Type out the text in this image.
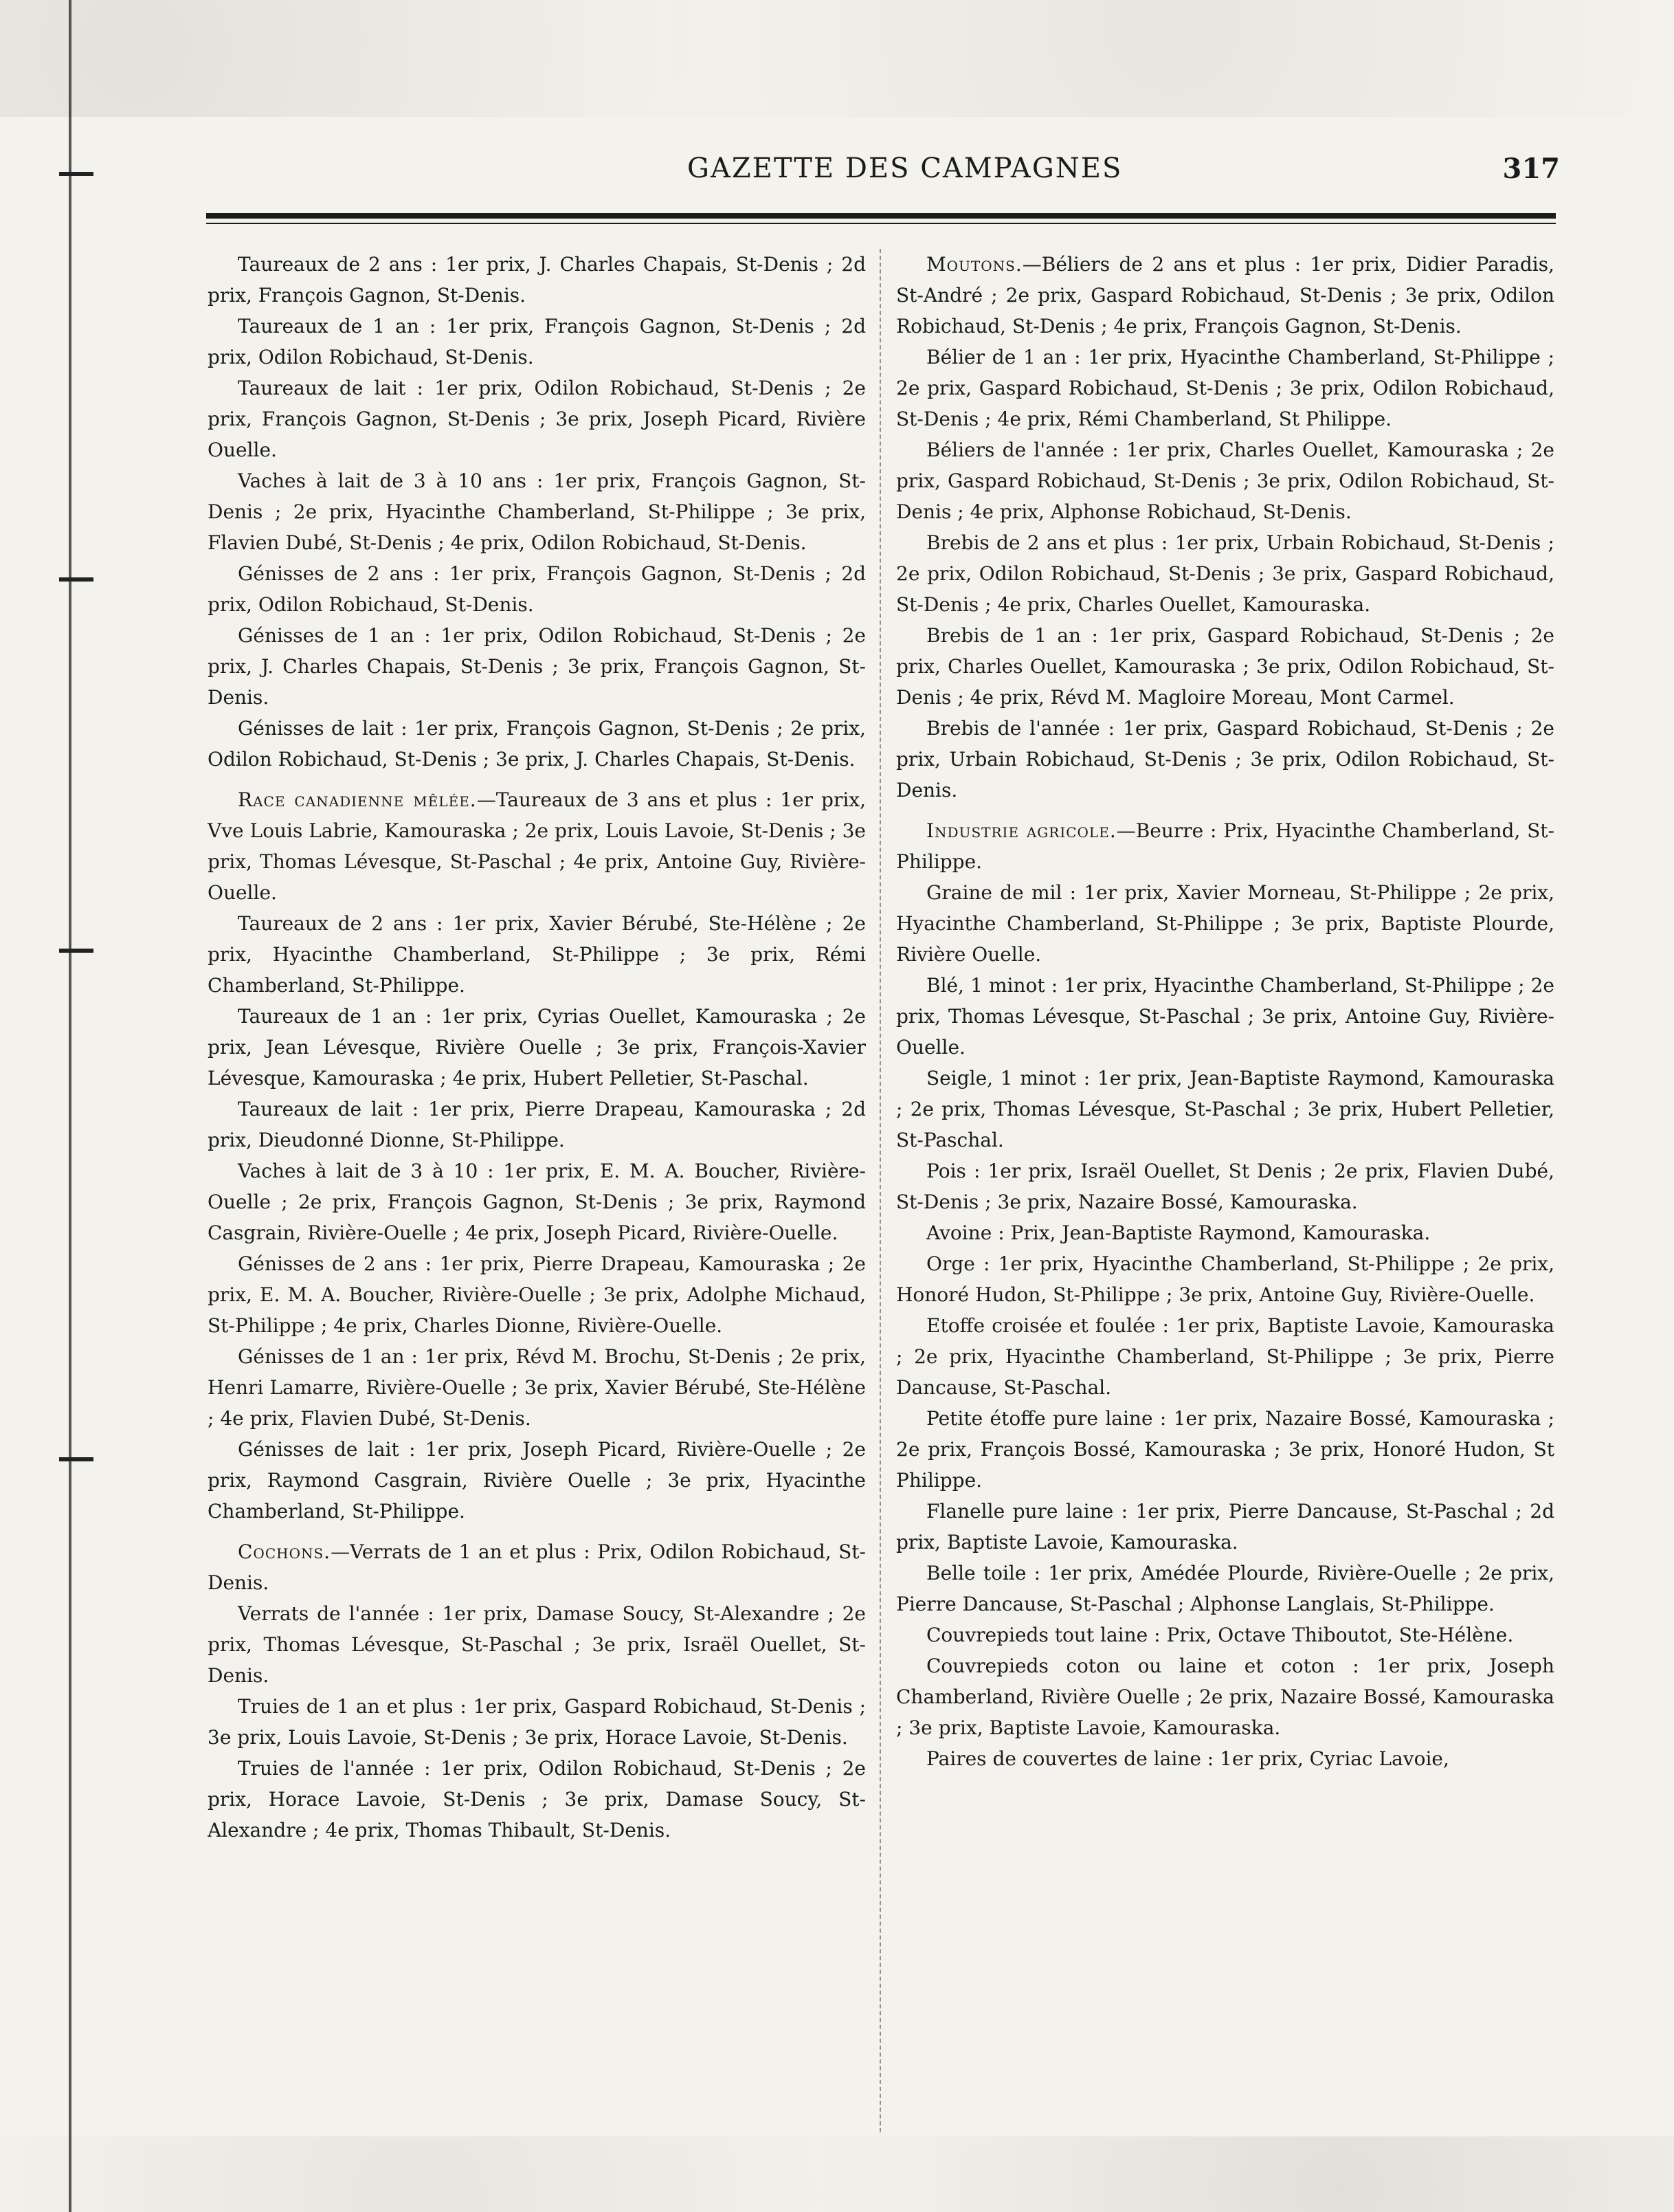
GAZETTE DES CAMPAGNES	317

Taureaux de 2 ans : 1er prix, J. Charles Chapais, St-Denis ; 2d prix, François Gagnon, St-Denis.

Taureaux de 1 an : 1er prix, François Gagnon, St-Denis ; 2d prix, Odilon Robichaud, St-Denis.

Taureaux de lait : 1er prix, Odilon Robichaud, St-Denis ; 2e prix, François Gagnon, St-Denis ; 3e prix, Joseph Picard, Rivière Ouelle.

Vaches à lait de 3 à 10 ans : 1er prix, François Gagnon, St-Denis ; 2e prix, Hyacinthe Chamberland, St-Philippe ; 3e prix, Flavien Dubé, St-Denis ; 4e prix, Odilon Robichaud, St-Denis.

Génisses de 2 ans : 1er prix, François Gagnon, St-Denis ; 2d prix, Odilon Robichaud, St-Denis.

Génisses de 1 an : 1er prix, Odilon Robichaud, St-Denis ; 2e prix, J. Charles Chapais, St-Denis ; 3e prix, François Gagnon, St-Denis.

Génisses de lait : 1er prix, François Gagnon, St-Denis ; 2e prix, Odilon Robichaud, St-Denis ; 3e prix, J. Charles Chapais, St-Denis.

Race canadienne mêlée.—Taureaux de 3 ans et plus : 1er prix, Vve Louis Labrie, Kamouraska ; 2e prix, Louis Lavoie, St-Denis ; 3e prix, Thomas Lévesque, St-Paschal ; 4e prix, Antoine Guy, Rivière-Ouelle.

Taureaux de 2 ans : 1er prix, Xavier Bérubé, Ste-Hélène ; 2e prix, Hyacinthe Chamberland, St-Philippe ; 3e prix, Rémi Chamberland, St-Philippe.

Taureaux de 1 an : 1er prix, Cyrias Ouellet, Kamouraska ; 2e prix, Jean Lévesque, Rivière Ouelle ; 3e prix, François-Xavier Lévesque, Kamouraska ; 4e prix, Hubert Pelletier, St-Paschal.

Taureaux de lait : 1er prix, Pierre Drapeau, Kamouraska ; 2d prix, Dieudonné Dionne, St-Philippe.

Vaches à lait de 3 à 10 : 1er prix, E. M. A. Boucher, Rivière-Ouelle ; 2e prix, François Gagnon, St-Denis ; 3e prix, Raymond Casgrain, Rivière-Ouelle ; 4e prix, Joseph Picard, Rivière-Ouelle.

Génisses de 2 ans : 1er prix, Pierre Drapeau, Kamouraska ; 2e prix, E. M. A. Boucher, Rivière-Ouelle ; 3e prix, Adolphe Michaud, St-Philippe ; 4e prix, Charles Dionne, Rivière-Ouelle.

Génisses de 1 an : 1er prix, Révd M. Brochu, St-Denis ; 2e prix, Henri Lamarre, Rivière-Ouelle ; 3e prix, Xavier Bérubé, Ste-Hélène ; 4e prix, Flavien Dubé, St-Denis.

Génisses de lait : 1er prix, Joseph Picard, Rivière-Ouelle ; 2e prix, Raymond Casgrain, Rivière Ouelle ; 3e prix, Hyacinthe Chamberland, St-Philippe.

Cochons.—Verrats de 1 an et plus : Prix, Odilon Robichaud, St-Denis.

Verrats de l'année : 1er prix, Damase Soucy, St-Alexandre ; 2e prix, Thomas Lévesque, St-Paschal ; 3e prix, Israël Ouellet, St-Denis.

Truies de 1 an et plus : 1er prix, Gaspard Robichaud, St-Denis ; 3e prix, Louis Lavoie, St-Denis ; 3e prix, Horace Lavoie, St-Denis.

Truies de l'année : 1er prix, Odilon Robichaud, St-Denis ; 2e prix, Horace Lavoie, St-Denis ; 3e prix, Damase Soucy, St-Alexandre ; 4e prix, Thomas Thibault, St-Denis.

Moutons.—Béliers de 2 ans et plus : 1er prix, Didier Paradis, St-André ; 2e prix, Gaspard Robichaud, St-Denis ; 3e prix, Odilon Robichaud, St-Denis ; 4e prix, François Gagnon, St-Denis.

Bélier de 1 an : 1er prix, Hyacinthe Chamberland, St-Philippe ; 2e prix, Gaspard Robichaud, St-Denis ; 3e prix, Odilon Robichaud, St-Denis ; 4e prix, Rémi Chamberland, St Philippe.

Béliers de l'année : 1er prix, Charles Ouellet, Kamouraska ; 2e prix, Gaspard Robichaud, St-Denis ; 3e prix, Odilon Robichaud, St-Denis ; 4e prix, Alphonse Robichaud, St-Denis.

Brebis de 2 ans et plus : 1er prix, Urbain Robichaud, St-Denis ; 2e prix, Odilon Robichaud, St-Denis ; 3e prix, Gaspard Robichaud, St-Denis ; 4e prix, Charles Ouellet, Kamouraska.

Brebis de 1 an : 1er prix, Gaspard Robichaud, St-Denis ; 2e prix, Charles Ouellet, Kamouraska ; 3e prix, Odilon Robichaud, St-Denis ; 4e prix, Révd M. Magloire Moreau, Mont Carmel.

Brebis de l'année : 1er prix, Gaspard Robichaud, St-Denis ; 2e prix, Urbain Robichaud, St-Denis ; 3e prix, Odilon Robichaud, St-Denis.

Industrie agricole.—Beurre : Prix, Hyacinthe Chamberland, St-Philippe.

Graine de mil : 1er prix, Xavier Morneau, St-Philippe ; 2e prix, Hyacinthe Chamberland, St-Philippe ; 3e prix, Baptiste Plourde, Rivière Ouelle.

Blé, 1 minot : 1er prix, Hyacinthe Chamberland, St-Philippe ; 2e prix, Thomas Lévesque, St-Paschal ; 3e prix, Antoine Guy, Rivière-Ouelle.

Seigle, 1 minot : 1er prix, Jean-Baptiste Raymond, Kamouraska ; 2e prix, Thomas Lévesque, St-Paschal ; 3e prix, Hubert Pelletier, St-Paschal.

Pois : 1er prix, Israël Ouellet, St Denis ; 2e prix, Flavien Dubé, St-Denis ; 3e prix, Nazaire Bossé, Kamouraska.

Avoine : Prix, Jean-Baptiste Raymond, Kamouraska.

Orge : 1er prix, Hyacinthe Chamberland, St-Philippe ; 2e prix, Honoré Hudon, St-Philippe ; 3e prix, Antoine Guy, Rivière-Ouelle.

Etoffe croisée et foulée : 1er prix, Baptiste Lavoie, Kamouraska ; 2e prix, Hyacinthe Chamberland, St-Philippe ; 3e prix, Pierre Dancause, St-Paschal.

Petite étoffe pure laine : 1er prix, Nazaire Bossé, Kamouraska ; 2e prix, François Bossé, Kamouraska ; 3e prix, Honoré Hudon, St Philippe.

Flanelle pure laine : 1er prix, Pierre Dancause, St-Paschal ; 2d prix, Baptiste Lavoie, Kamouraska.

Belle toile : 1er prix, Amédée Plourde, Rivière-Ouelle ; 2e prix, Pierre Dancause, St-Paschal ; Alphonse Langlais, St-Philippe.

Couvrepieds tout laine : Prix, Octave Thiboutot, Ste-Hélène.

Couvrepieds coton ou laine et coton : 1er prix, Joseph Chamberland, Rivière Ouelle ; 2e prix, Nazaire Bossé, Kamouraska ; 3e prix, Baptiste Lavoie, Kamouraska.

Paires de couvertes de laine : 1er prix, Cyriac Lavoie,
